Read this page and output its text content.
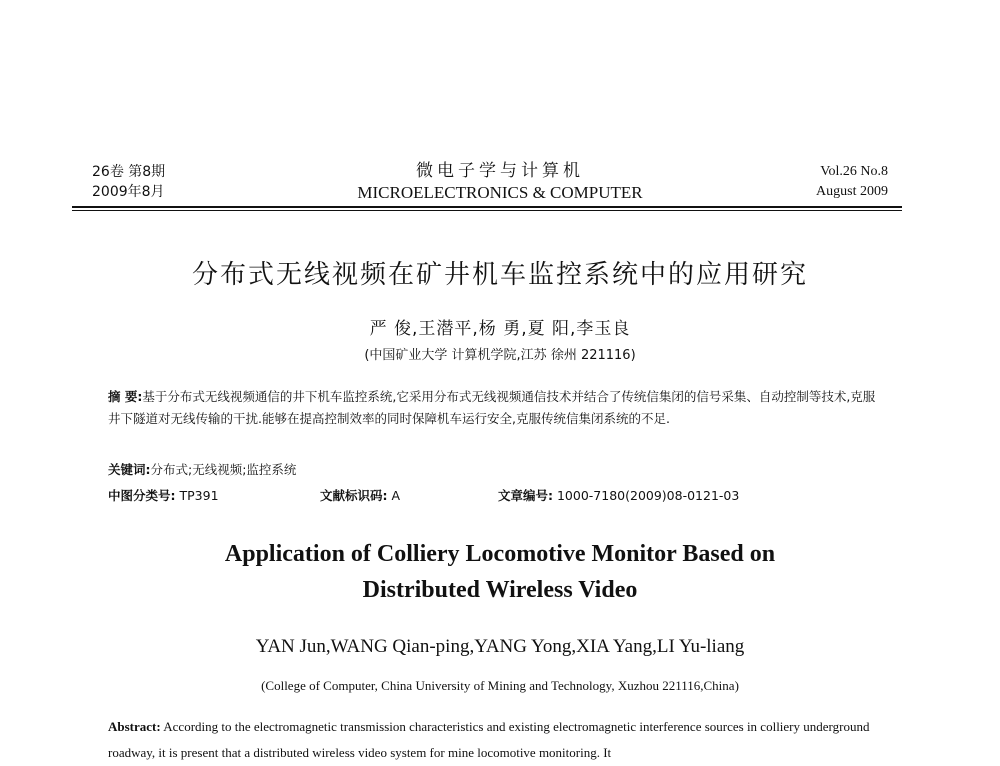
26卷 第8期
2009年8月
微电子学与计算机
MICROELECTRONICS & COMPUTER
Vol.26 No.8
August 2009
分布式无线视频在矿井机车监控系统中的应用研究
严 俊,王潜平,杨 勇,夏 阳,李玉良
(中国矿业大学 计算机学院,江苏 徐州 221116)
摘 要:基于分布式无线视频通信的井下机车监控系统,它采用分布式无线视频通信技术并结合了传统信集闭的信号采集、自动控制等技术,克服井下隧道对无线传输的干扰.能够在提高控制效率的同时保障机车运行安全,克服传统信集闭系统的不足.
关键词:分布式;无线视频;监控系统
中图分类号: TP391	文献标识码: A	文章编号: 1000-7180(2009)08-0121-03
Application of Colliery Locomotive Monitor Based on
Distributed Wireless Video
YAN Jun,WANG Qian-ping,YANG Yong,XIA Yang,LI Yu-liang
(College of Computer, China University of Mining and Technology, Xuzhou 221116,China)
Abstract: According to the electromagnetic transmission characteristics and existing electromagnetic interference sources in colliery underground roadway, it is present that a distributed wireless video system for mine locomotive monitoring. It
